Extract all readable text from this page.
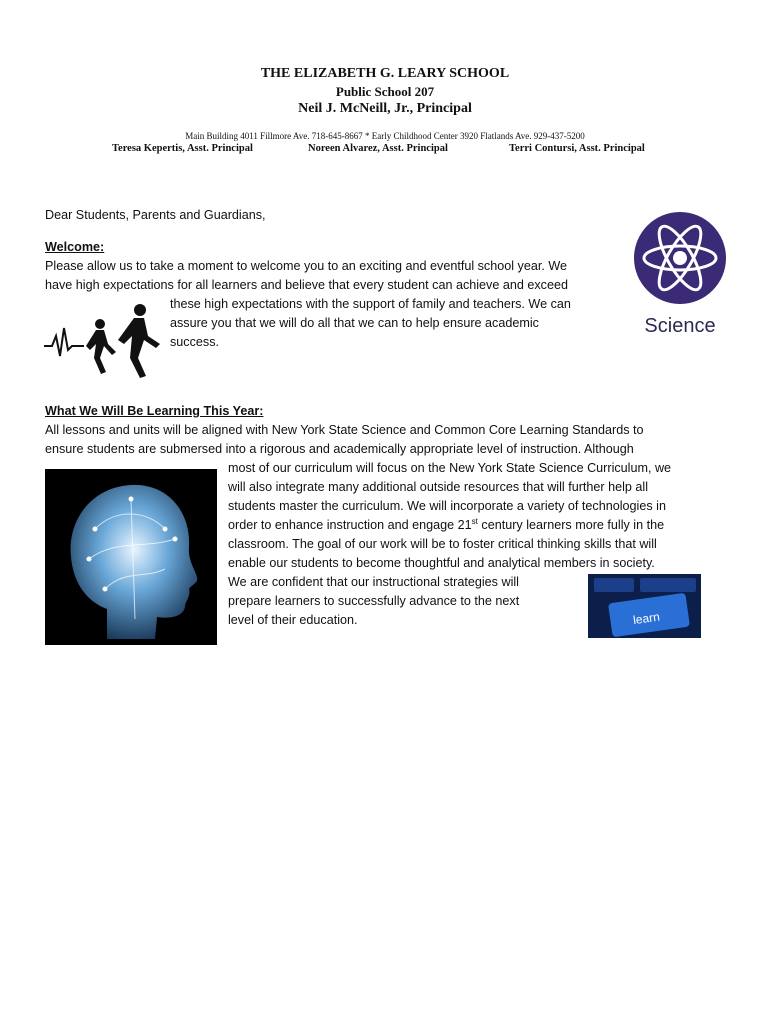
THE ELIZABETH G. LEARY SCHOOL
Public School 207
Neil J. McNeill, Jr., Principal
Main Building 4011 Fillmore Ave. 718-645-8667 * Early Childhood Center 3920 Flatlands Ave. 929-437-5200
Teresa Kepertis, Asst. Principal	Noreen Alvarez, Asst. Principal	Terri Contursi, Asst. Principal
Dear Students, Parents and Guardians,
Welcome:
Please allow us to take a moment to welcome you to an exciting and eventful school year. We
have high expectations for all learners and believe that every student can achieve and exceed
these high expectations with the support of family and teachers. We can
assure you that we will do all that we can to help ensure academic
success.
Science
What We Will Be Learning This Year:
All lessons and units will be aligned with New York State Science and Common Core Learning Standards to
ensure students are submersed into a rigorous and academically appropriate level of instruction. Although
most of our curriculum will focus on the New York State Science Curriculum, we
will also integrate many additional outside resources that will further help all
students master the curriculum. We will incorporate a variety of technologies in
order to enhance instruction and engage 21st century learners more fully in the
classroom. The goal of our work will be to foster critical thinking skills that will
enable our students to become thoughtful and analytical members in society.
We are confident that our instructional strategies will
prepare learners to successfully advance to the next
level of their education.	learn
